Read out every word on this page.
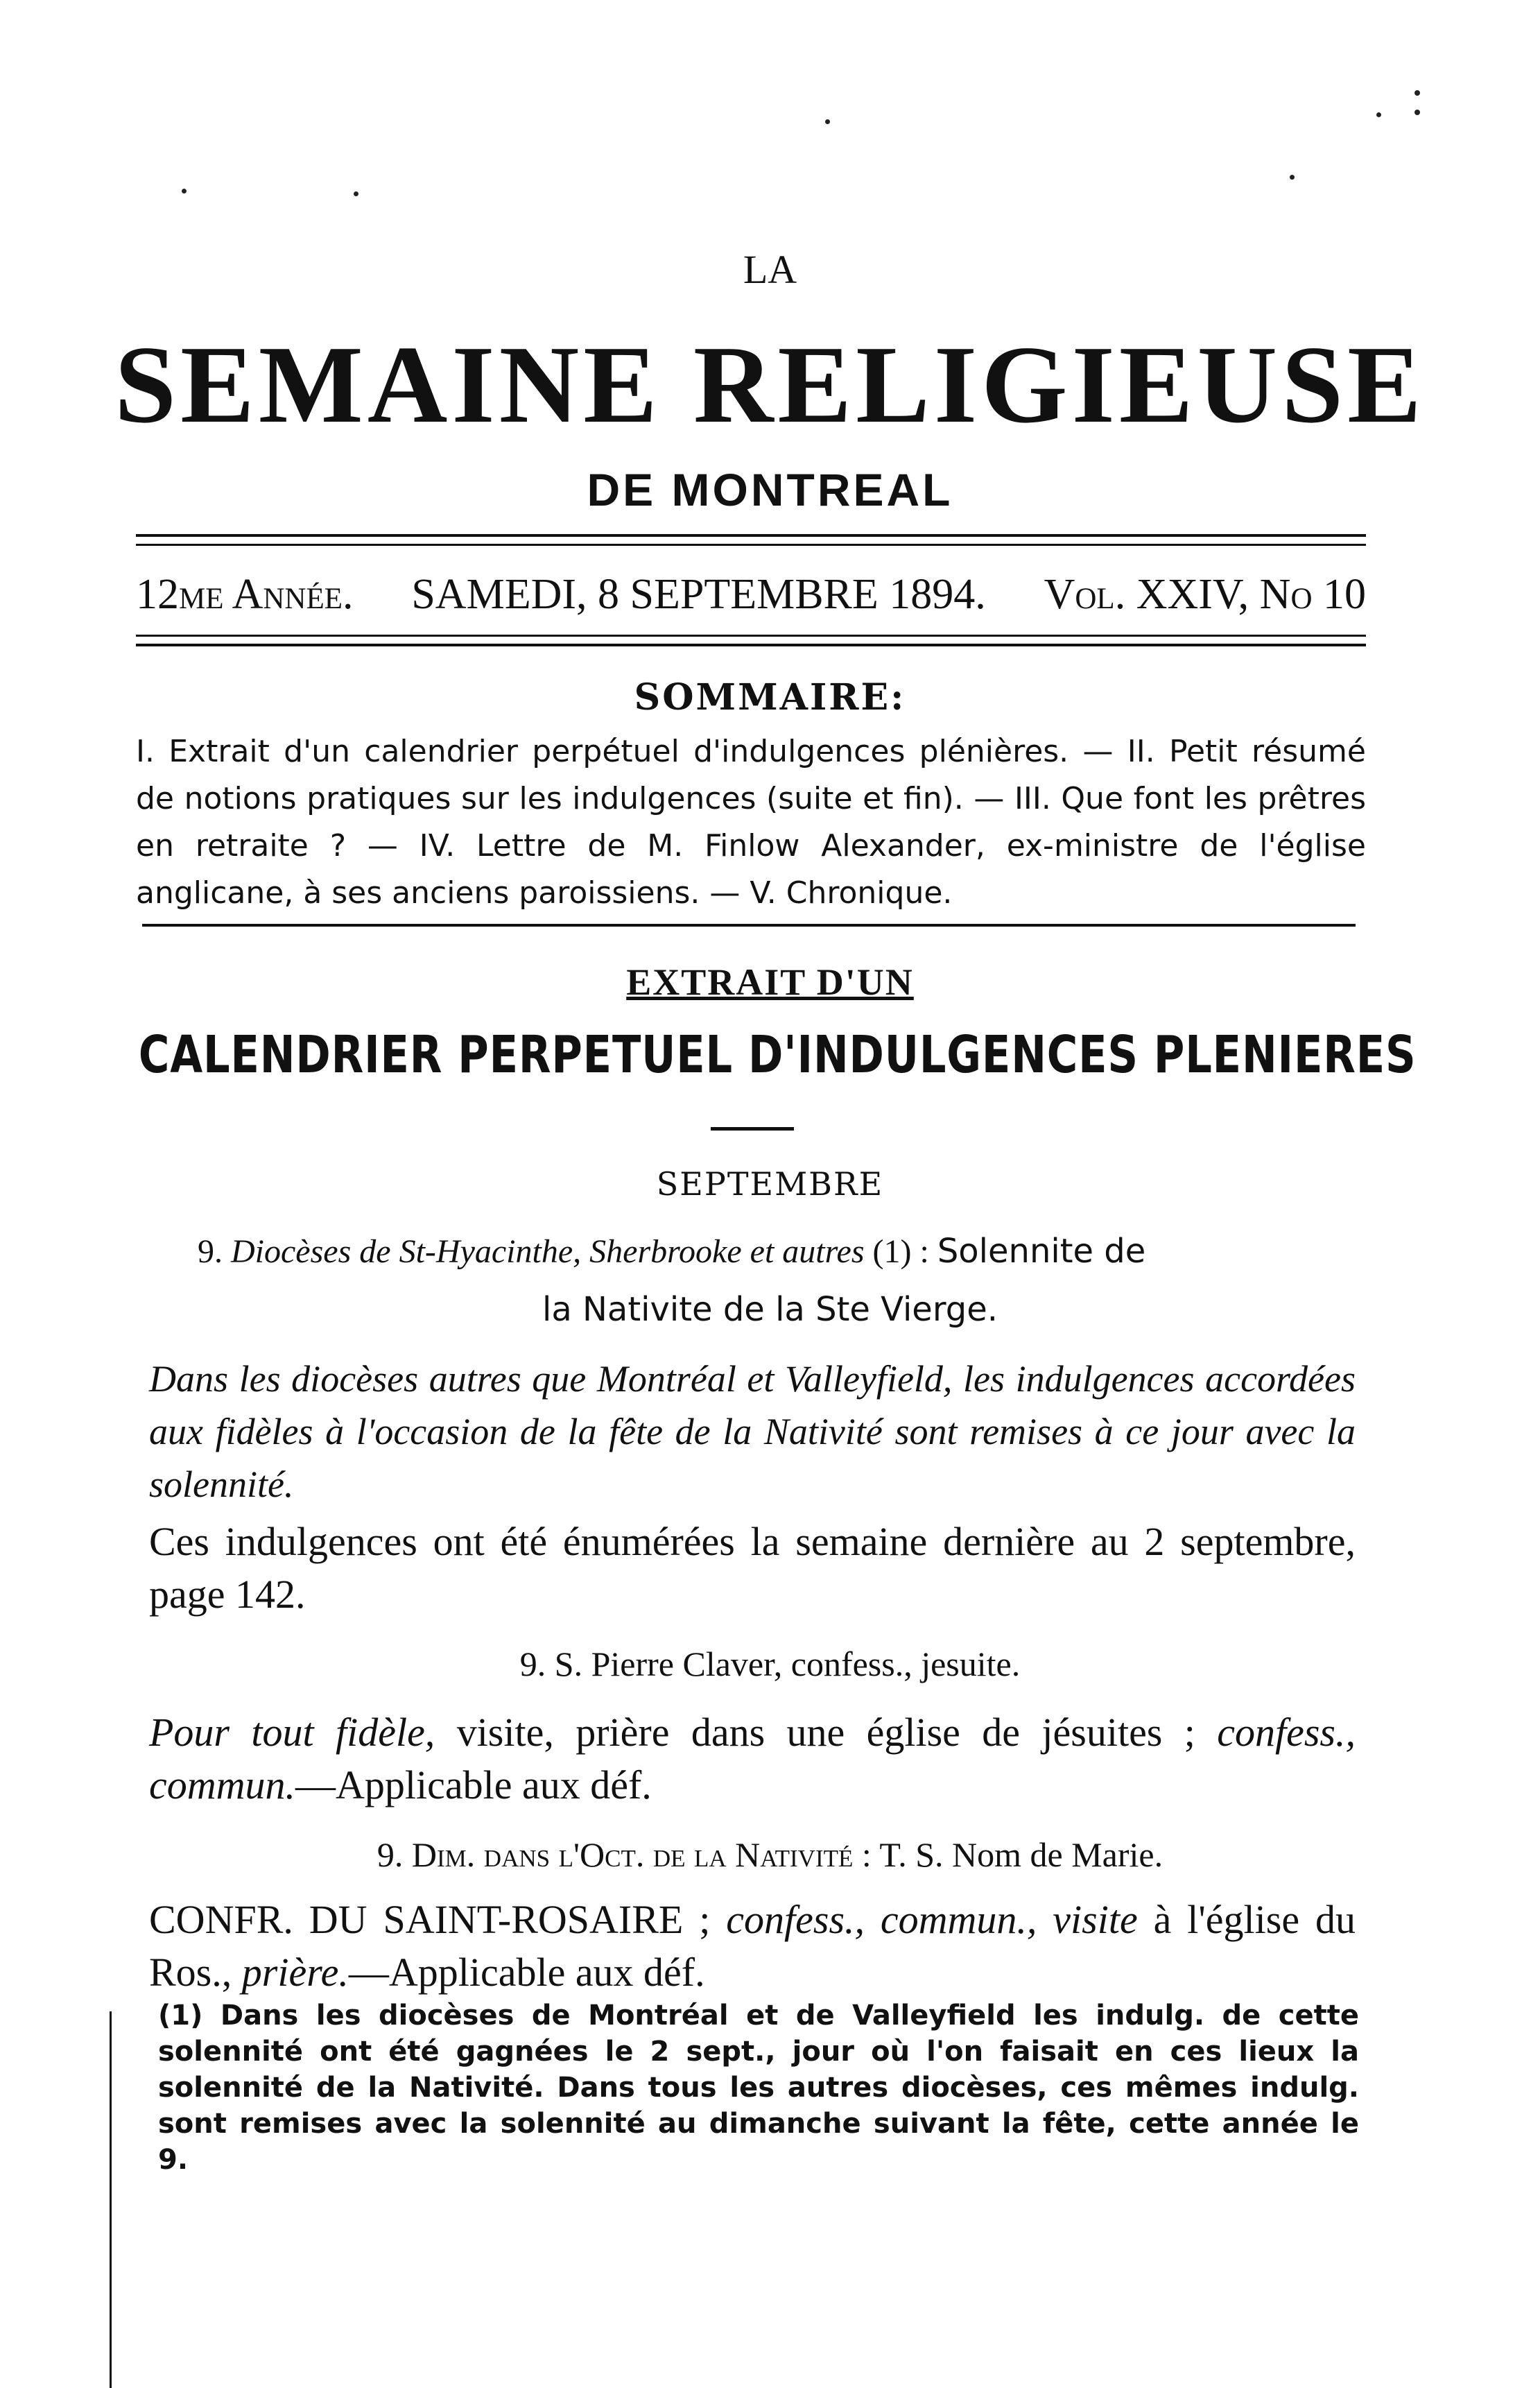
LA
SEMAINE RELIGIEUSE
DE MONTREAL
12me Année. SAMEDI, 8 SEPTEMBRE 1894. Vol. XXIV, No 10
SOMMAIRE:
I. Extrait d'un calendrier perpétuel d'indulgences plénières. — II. Petit résumé de notions pratiques sur les indulgences (suite et fin). — III. Que font les prêtres en retraite ? — IV. Lettre de M. Finlow Alexander, ex-ministre de l'église anglicane, à ses anciens paroissiens. — V. Chronique.
EXTRAIT D'UN
CALENDRIER PERPETUEL D'INDULGENCES PLENIERES
SEPTEMBRE
9. Diocèses de St-Hyacinthe, Sherbrooke et autres (1) : Solennite de
la Nativite de la Ste Vierge.
Dans les diocèses autres que Montréal et Valleyfield, les indulgences accordées aux fidèles à l'occasion de la fête de la Nativité sont remises à ce jour avec la solennité.
Ces indulgences ont été énumérées la semaine dernière au 2 septembre, page 142.
9. S. Pierre Claver, confess., jesuite.
Pour tout fidèle, visite, prière dans une église de jésuites ; confess., commun.—Applicable aux déf.
9. Dim. dans l'Oct. de la Nativité : T. S. Nom de Marie.
CONFR. DU SAINT-ROSAIRE ; confess., commun., visite à l'église du Ros., prière.—Applicable aux déf.
(1) Dans les diocèses de Montréal et de Valleyfield les indulg. de cette solennité ont été gagnées le 2 sept., jour où l'on faisait en ces lieux la solennité de la Nativité. Dans tous les autres diocèses, ces mêmes indulg. sont remises avec la solennité au dimanche suivant la fête, cette année le 9.
